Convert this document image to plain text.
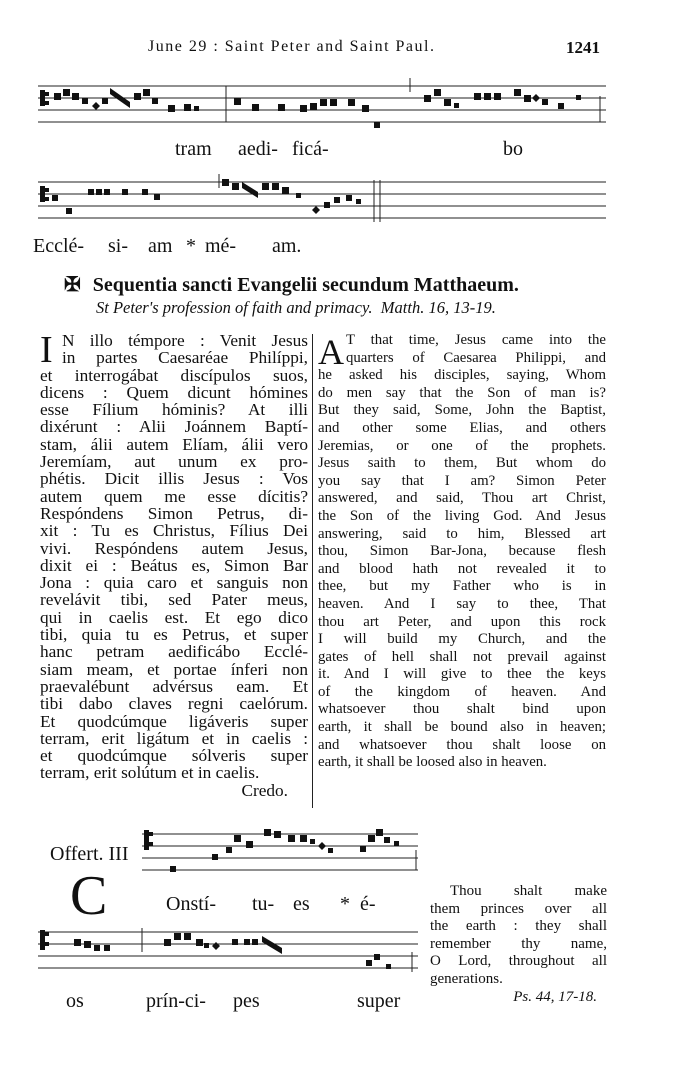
June 29 : Saint Peter and Saint Paul.	1241
tram aedi- ficá-	bo
Ecclé- si- am * mé- am.
✠ Sequentia sancti Evangelii secundum Matthaeum.
St Peter's profession of faith and primacy. Matth. 16, 13-19.
I N illo témpore : Venit Jesus
in partes Caesaréae Philíppi,
et interrogábat discípulos suos,
dicens : Quem dicunt hómines
esse Fílium hóminis? At illi
dixérunt : Alii Joánnem Baptí-
stam, álii autem Elíam, álii vero
Jeremíam, aut unum ex pro-
phétis. Dicit illis Jesus : Vos
autem quem me esse dícitis?
Respóndens Simon Petrus, di-
xit : Tu es Christus, Fílius Dei
vivi. Respóndens autem Jesus,
dixit ei : Beátus es, Simon Bar
Jona : quia caro et sanguis non
revelávit tibi, sed Pater meus,
qui in caelis est. Et ego dico
tibi, quia tu es Petrus, et super
hanc petram aedificábo Ecclé-
siam meam, et portae ínferi non
praevalébunt advérsus eam. Et
tibi dabo claves regni caelórum.
Et quodcúmque ligáveris super
terram, erit ligátum et in caelis :
et quodcúmque sólveris super
terram, erit solútum et in caelis.
Credo.
A T that time, Jesus came into the
quarters of Caesarea Philippi, and
he asked his disciples, saying, Whom
do men say that the Son of man is?
But they said, Some, John the Baptist,
and other some Elias, and others
Jeremias, or one of the prophets.
Jesus saith to them, But whom do
you say that I am? Simon Peter
answered, and said, Thou art Christ,
the Son of the living God. And Jesus
answering, said to him, Blessed art
thou, Simon Bar-Jona, because flesh
and blood hath not revealed it to
thee, but my Father who is in
heaven. And I say to thee, That
thou art Peter, and upon this rock
I will build my Church, and the
gates of hell shall not prevail against
it. And I will give to thee the keys
of the kingdom of heaven. And
whatsoever thou shalt bind upon
earth, it shall be bound also in heaven;
and whatsoever thou shalt loose on
earth, it shall be loosed also in heaven.
Offert. III
C	Onstí- tu- es * é-
os	prín-ci- pes	super
Thou shalt make
them princes over all
the earth : they shall
remember thy name,
O Lord, throughout all
generations.
Ps. 44, 17-18.
